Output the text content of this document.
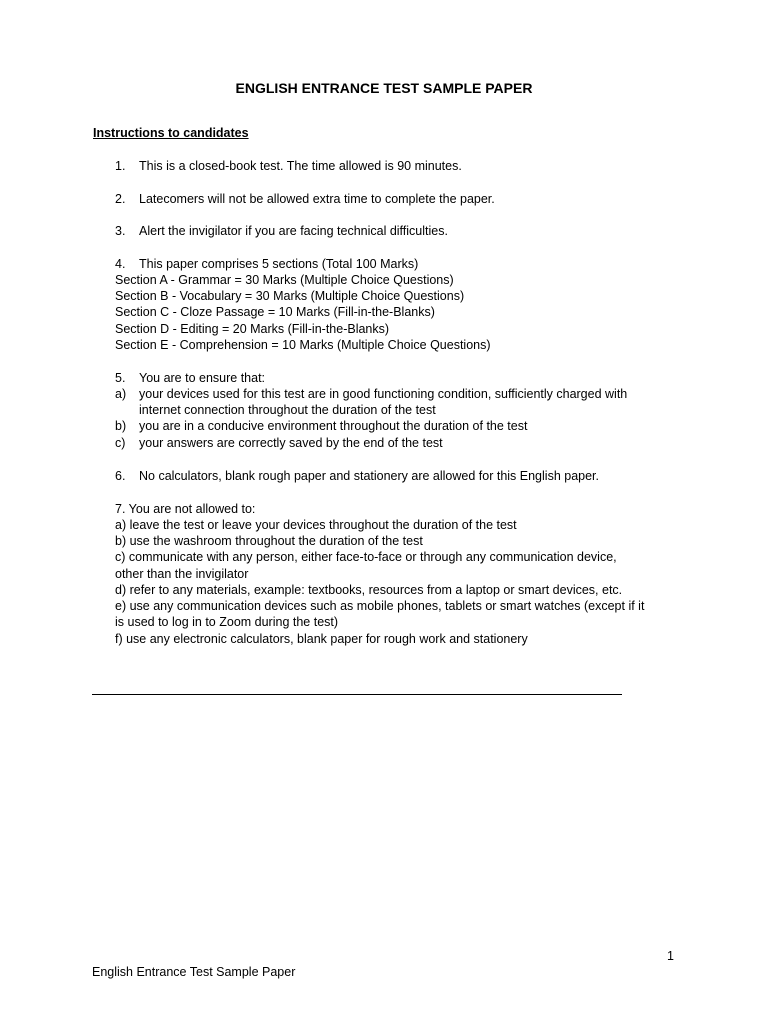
ENGLISH ENTRANCE TEST SAMPLE PAPER
Instructions to candidates
1. This is a closed-book test. The time allowed is 90 minutes.
2. Latecomers will not be allowed extra time to complete the paper.
3. Alert the invigilator if you are facing technical difficulties.
4. This paper comprises 5 sections (Total 100 Marks)
Section A - Grammar = 30 Marks (Multiple Choice Questions)
Section B - Vocabulary = 30 Marks (Multiple Choice Questions)
Section C - Cloze Passage = 10 Marks (Fill-in-the-Blanks)
Section D - Editing = 20 Marks (Fill-in-the-Blanks)
Section E - Comprehension = 10 Marks (Multiple Choice Questions)
5. You are to ensure that:
a) your devices used for this test are in good functioning condition, sufficiently charged with
internet connection throughout the duration of the test
b) you are in a conducive environment throughout the duration of the test
c) your answers are correctly saved by the end of the test
6. No calculators, blank rough paper and stationery are allowed for this English paper.
7. You are not allowed to:
a) leave the test or leave your devices throughout the duration of the test
b) use the washroom throughout the duration of the test
c) communicate with any person, either face-to-face or through any communication device,
other than the invigilator
d) refer to any materials, example: textbooks, resources from a laptop or smart devices, etc.
e) use any communication devices such as mobile phones, tablets or smart watches (except if it
is used to log in to Zoom during the test)
f) use any electronic calculators, blank paper for rough work and stationery
1
English Entrance Test Sample Paper
